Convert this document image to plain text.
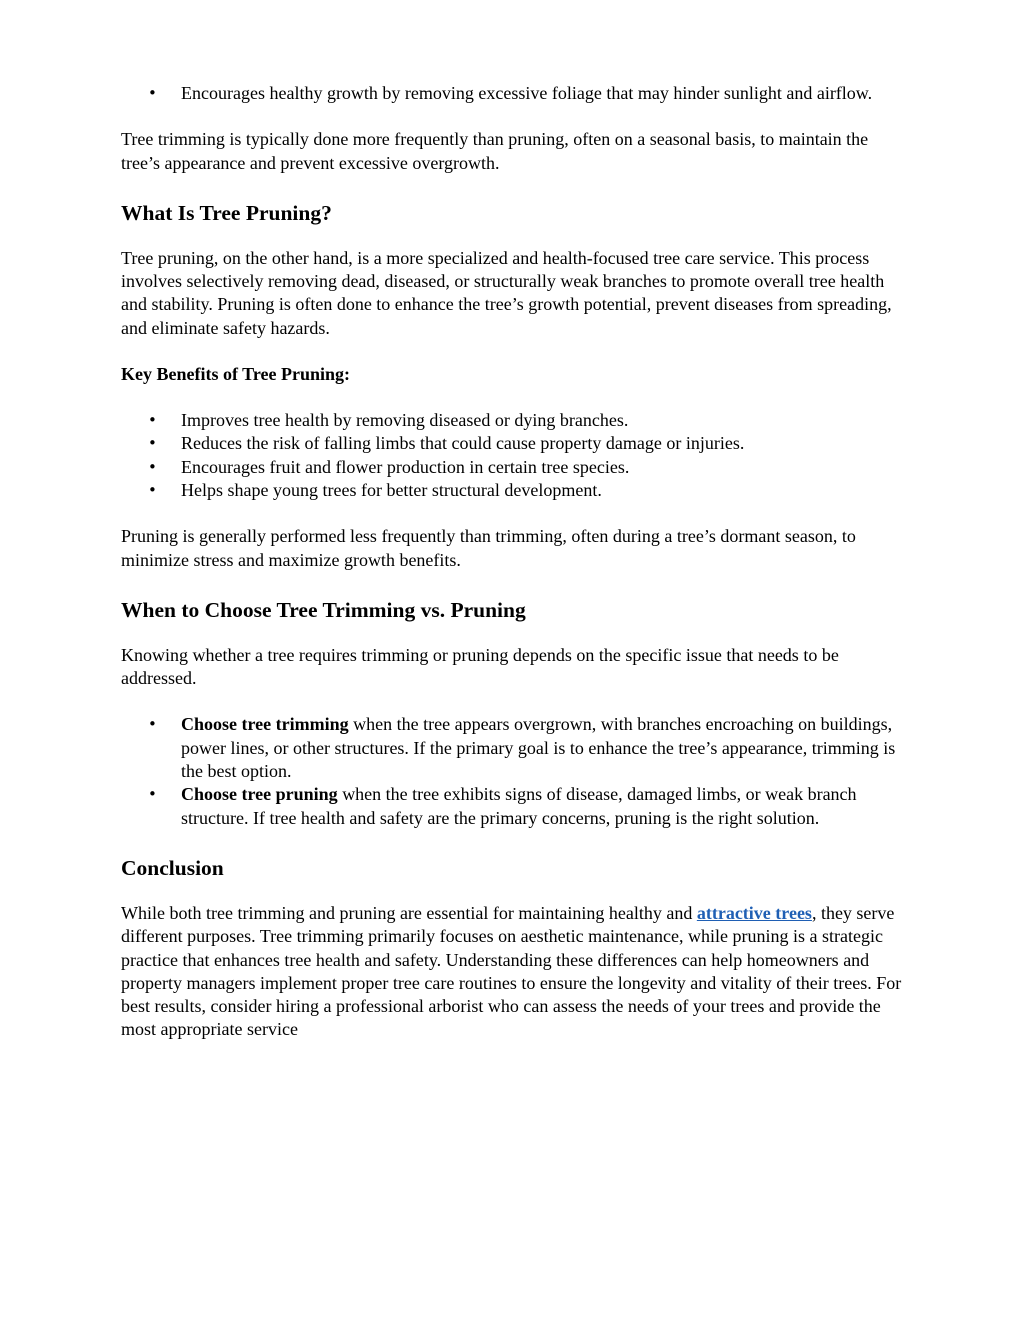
• Encourages healthy growth by removing excessive foliage that may hinder sunlight and airflow.

Tree trimming is typically done more frequently than pruning, often on a seasonal basis, to maintain the tree’s appearance and prevent excessive overgrowth.

What Is Tree Pruning?

Tree pruning, on the other hand, is a more specialized and health-focused tree care service. This process involves selectively removing dead, diseased, or structurally weak branches to promote overall tree health and stability. Pruning is often done to enhance the tree’s growth potential, prevent diseases from spreading, and eliminate safety hazards.

Key Benefits of Tree Pruning:
• Improves tree health by removing diseased or dying branches.
• Reduces the risk of falling limbs that could cause property damage or injuries.
• Encourages fruit and flower production in certain tree species.
• Helps shape young trees for better structural development.

Pruning is generally performed less frequently than trimming, often during a tree’s dormant season, to minimize stress and maximize growth benefits.

When to Choose Tree Trimming vs. Pruning

Knowing whether a tree requires trimming or pruning depends on the specific issue that needs to be addressed.

• Choose tree trimming when the tree appears overgrown, with branches encroaching on buildings, power lines, or other structures. If the primary goal is to enhance the tree’s appearance, trimming is the best option.
• Choose tree pruning when the tree exhibits signs of disease, damaged limbs, or weak branch structure. If tree health and safety are the primary concerns, pruning is the right solution.
Conclusion

While both tree trimming and pruning are essential for maintaining healthy and attractive trees, they serve different purposes. Tree trimming primarily focuses on aesthetic maintenance, while pruning is a strategic practice that enhances tree health and safety. Understanding these differences can help homeowners and property managers implement proper tree care routines to ensure the longevity and vitality of their trees. For best results, consider hiring a professional arborist who can assess the needs of your trees and provide the most appropriate service
